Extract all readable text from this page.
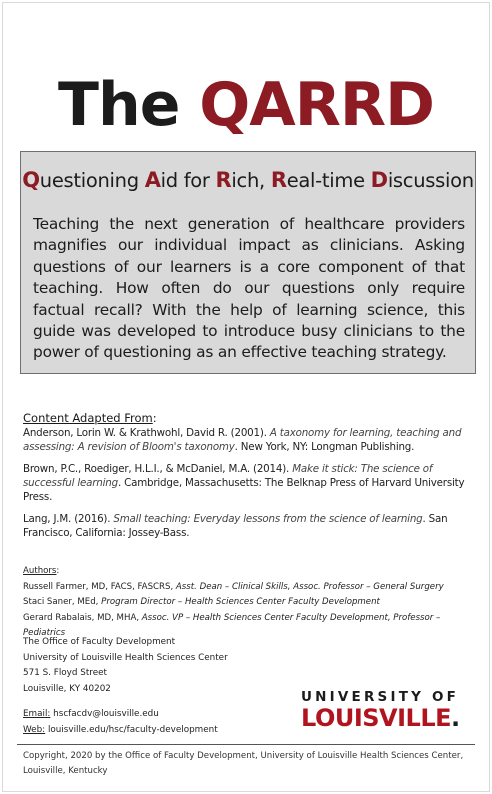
The QARRD
Questioning Aid for Rich, Real-time Discussion
Teaching the next generation of healthcare providers magnifies our individual impact as clinicians. Asking questions of our learners is a core component of that teaching. How often do our questions only require factual recall? With the help of learning science, this guide was developed to introduce busy clinicians to the power of questioning as an effective teaching strategy.
Content Adapted From:
Anderson, Lorin W. & Krathwohl, David R. (2001). A taxonomy for learning, teaching and assessing: A revision of Bloom's taxonomy. New York, NY: Longman Publishing.
Brown, P.C., Roediger, H.L.I., & McDaniel, M.A. (2014). Make it stick: The science of successful learning. Cambridge, Massachusetts: The Belknap Press of Harvard University Press.
Lang, J.M. (2016). Small teaching: Everyday lessons from the science of learning. San Francisco, California: Jossey-Bass.
Authors:
Russell Farmer, MD, FACS, FASCRS, Asst. Dean – Clinical Skills, Assoc. Professor – General Surgery
Staci Saner, MEd, Program Director – Health Sciences Center Faculty Development
Gerard Rabalais, MD, MHA, Assoc. VP – Health Sciences Center Faculty Development, Professor – Pediatrics
The Office of Faculty Development
University of Louisville Health Sciences Center
571 S. Floyd Street
Louisville, KY 40202
Email: hscfacdv@louisville.edu
Web: louisville.edu/hsc/faculty-development
UNIVERSITY OF
LOUISVILLE.
Copyright, 2020 by the Office of Faculty Development, University of Louisville Health Sciences Center, Louisville, Kentucky
